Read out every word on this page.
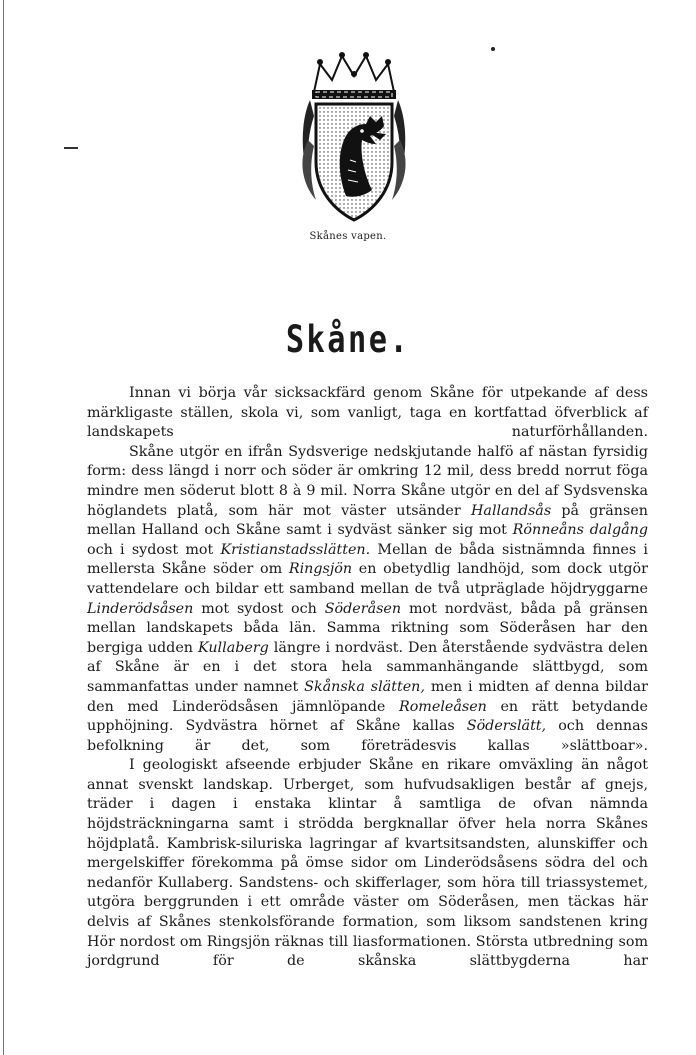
Skånes vapen.
Skåne.

Innan vi börja vår sicksackfärd genom Skåne för utpekande af dess märkligaste ställen, skola vi, som vanligt, taga en kortfattad öfverblick af landskapets naturförhållanden.

Skåne utgör en ifrån Sydsverige nedskjutande halfö af nästan fyrsidig form: dess längd i norr och söder är omkring 12 mil, dess bredd norrut föga mindre men söderut blott 8 à 9 mil. Norra Skåne utgör en del af Sydsvenska höglandets platå, som här mot väster utsänder Hallandsås på gränsen mellan Halland och Skåne samt i sydväst sänker sig mot Rönneåns dalgång och i sydost mot Kristianstadsslätten. Mellan de båda sistnämnda finnes i mellersta Skåne söder om Ringsjön en obetydlig landhöjd, som dock utgör vattendelare och bildar ett samband mellan de två utpräglade höjdryggarne Linderödsåsen mot sydost och Söderåsen mot nordväst, båda på gränsen mellan landskapets båda län. Samma riktning som Söderåsen har den bergiga udden Kullaberg längre i nordväst. Den återstående sydvästra delen af Skåne är en i det stora hela sammanhängande slättbygd, som sammanfattas under namnet Skånska slätten, men i midten af denna bildar den med Linderödsåsen jämnlöpande Romeleåsen en rätt betydande upphöjning. Sydvästra hörnet af Skåne kallas Söderslätt, och dennas befolkning är det, som företrädesvis kallas »slättboar».

I geologiskt afseende erbjuder Skåne en rikare omväxling än något annat svenskt landskap. Urberget, som hufvudsakligen består af gnejs, träder i dagen i enstaka klintar å samtliga de ofvan nämnda höjdsträckningarna samt i strödda bergknallar öfver hela norra Skånes höjdplatå. Kambrisk-siluriska lagringar af kvartsitsandsten, alunskiffer och mergelskiffer förekomma på ömse sidor om Linderödsåsens södra del och nedanför Kullaberg. Sandstens- och skifferlager, som höra till triassystemet, utgöra berggrunden i ett område väster om Söderåsen, men täckas här delvis af Skånes stenkolsförande formation, som liksom sandstenen kring Hör nordost om Ringsjön räknas till liasformationen. Största utbredning som jordgrund för de skånska slättbygderna har
